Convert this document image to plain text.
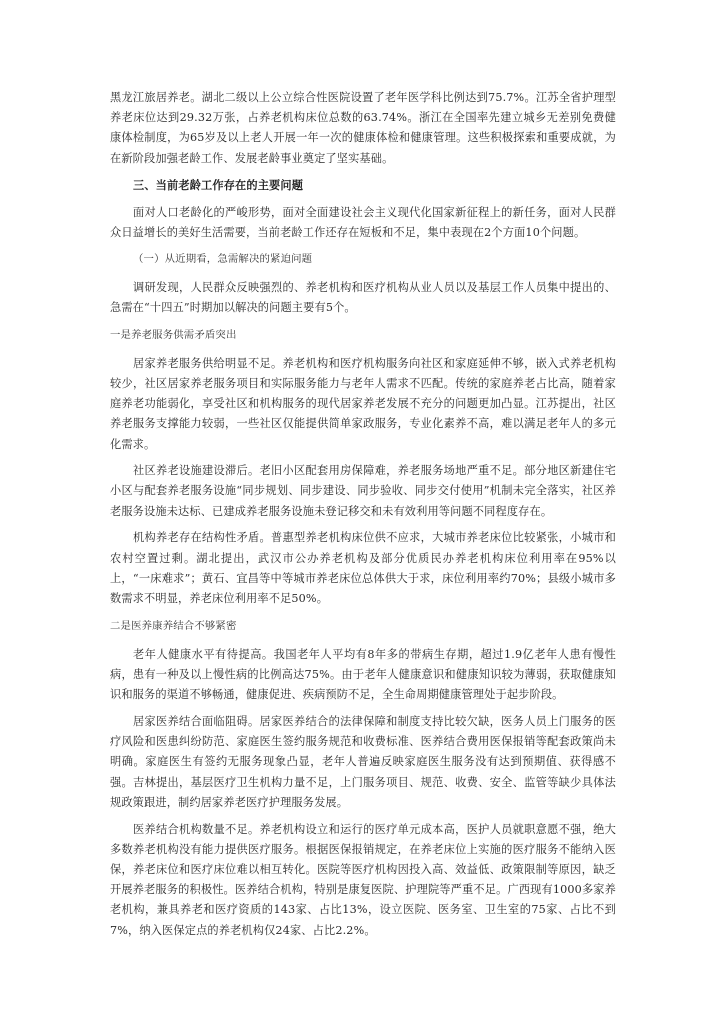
黑龙江旅居养老。湖北二级以上公立综合性医院设置了老年医学科比例达到75.7%。江苏全省护理型养老床位达到29.32万张，占养老机构床位总数的63.74%。浙江在全国率先建立城乡无差别免费健康体检制度，为65岁及以上老人开展一年一次的健康体检和健康管理。这些积极探索和重要成就，为在新阶段加强老龄工作、发展老龄事业奠定了坚实基础。

三、当前老龄工作存在的主要问题

面对人口老龄化的严峻形势，面对全面建设社会主义现代化国家新征程上的新任务，面对人民群众日益增长的美好生活需要，当前老龄工作还存在短板和不足，集中表现在2个方面10个问题。

（一）从近期看，急需解决的紧迫问题

调研发现，人民群众反映强烈的、养老机构和医疗机构从业人员以及基层工作人员集中提出的、急需在“十四五”时期加以解决的问题主要有5个。

一是养老服务供需矛盾突出

居家养老服务供给明显不足。养老机构和医疗机构服务向社区和家庭延伸不够，嵌入式养老机构较少，社区居家养老服务项目和实际服务能力与老年人需求不匹配。传统的家庭养老占比高，随着家庭养老功能弱化，享受社区和机构服务的现代居家养老发展不充分的问题更加凸显。江苏提出，社区养老服务支撑能力较弱，一些社区仅能提供简单家政服务，专业化素养不高，难以满足老年人的多元化需求。

社区养老设施建设滞后。老旧小区配套用房保障难，养老服务场地严重不足。部分地区新建住宅小区与配套养老服务设施“同步规划、同步建设、同步验收、同步交付使用”机制未完全落实，社区养老服务设施未达标、已建成养老服务设施未登记移交和未有效利用等问题不同程度存在。

机构养老存在结构性矛盾。普惠型养老机构床位供不应求，大城市养老床位比较紧张，小城市和农村空置过剩。湖北提出，武汉市公办养老机构及部分优质民办养老机构床位利用率在95%以上，“一床难求”；黄石、宜昌等中等城市养老床位总体供大于求，床位利用率约70%；县级小城市多数需求不明显，养老床位利用率不足50%。

二是医养康养结合不够紧密

老年人健康水平有待提高。我国老年人平均有8年多的带病生存期，超过1.9亿老年人患有慢性病，患有一种及以上慢性病的比例高达75%。由于老年人健康意识和健康知识较为薄弱，获取健康知识和服务的渠道不够畅通，健康促进、疾病预防不足，全生命周期健康管理处于起步阶段。

居家医养结合面临阻碍。居家医养结合的法律保障和制度支持比较欠缺，医务人员上门服务的医疗风险和医患纠纷防范、家庭医生签约服务规范和收费标准、医养结合费用医保报销等配套政策尚未明确。家庭医生有签约无服务现象凸显，老年人普遍反映家庭医生服务没有达到预期值、获得感不强。吉林提出，基层医疗卫生机构力量不足，上门服务项目、规范、收费、安全、监管等缺少具体法规政策跟进，制约居家养老医疗护理服务发展。

医养结合机构数量不足。养老机构设立和运行的医疗单元成本高，医护人员就职意愿不强，绝大多数养老机构没有能力提供医疗服务。根据医保报销规定，在养老床位上实施的医疗服务不能纳入医保，养老床位和医疗床位难以相互转化。医院等医疗机构因投入高、效益低、政策限制等原因，缺乏开展养老服务的积极性。医养结合机构，特别是康复医院、护理院等严重不足。广西现有1000多家养老机构，兼具养老和医疗资质的143家、占比13%，设立医院、医务室、卫生室的75家、占比不到7%，纳入医保定点的养老机构仅24家、占比2.2%。
